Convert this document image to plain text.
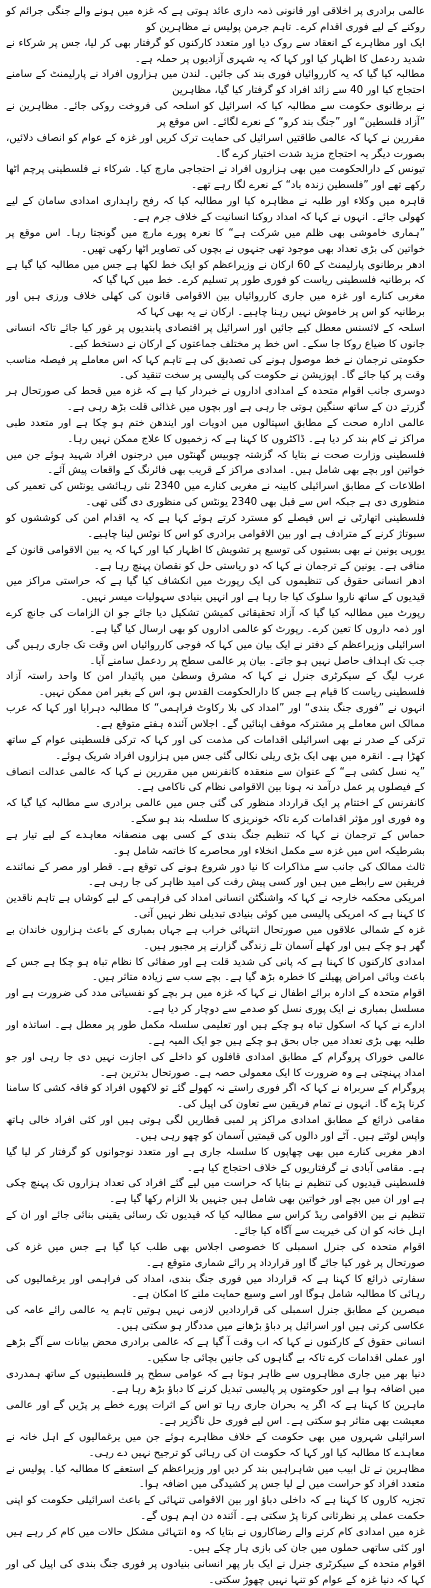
عالمی برادری پر اخلاقی اور قانونی ذمہ داری عائد ہوتی ہے کہ غزہ میں ہونے والے جنگی جرائم کو روکنے کے لیے فوری اقدام کرے۔ تاہم جرمن پولیس نے مظاہرین کو

ایک اور مظاہرے کے انعقاد سے روک دیا اور متعدد کارکنوں کو گرفتار بھی کر لیا، جس پر شرکاء نے شدید ردعمل کا اظہار کیا اور کہا کہ یہ شہری آزادیوں پر حملہ ہے۔

مطالبہ کیا گیا کہ یہ کارروائیاں فوری بند کی جائیں۔ لندن میں ہزاروں افراد نے پارلیمنٹ کے سامنے احتجاج کیا اور 40 سے زائد افراد کو گرفتار کیا گیا، مظاہرین

نے برطانوی حکومت سے مطالبہ کیا کہ اسرائیل کو اسلحہ کی فروخت روکی جائے۔ مظاہرین نے ”آزاد فلسطین“ اور ”جنگ بند کرو“ کے نعرے لگائے۔ اس موقع پر

مقررین نے کہا کہ عالمی طاقتیں اسرائیل کی حمایت ترک کریں اور غزہ کے عوام کو انصاف دلائیں، بصورت دیگر یہ احتجاج مزید شدت اختیار کرے گا۔

تیونس کے دارالحکومت میں بھی ہزاروں افراد نے احتجاجی مارچ کیا۔ شرکاء نے فلسطینی پرچم اٹھا رکھے تھے اور ”فلسطین زندہ باد“ کے نعرے لگا رہے تھے۔

قاہرہ میں وکلاء اور طلبہ نے مظاہرہ کیا اور مطالبہ کیا کہ رفح راہداری امدادی سامان کے لیے کھولی جائے۔ انہوں نے کہا کہ امداد روکنا انسانیت کے خلاف جرم ہے۔

”ہماری خاموشی بھی ظلم میں شرکت ہے“ کا نعرہ پورے مارچ میں گونجتا رہا۔ اس موقع پر خواتین کی بڑی تعداد بھی موجود تھی جنہوں نے بچوں کی تصاویر اٹھا رکھی تھیں۔

ادھر برطانوی پارلیمنٹ کے 60 ارکان نے وزیراعظم کو ایک خط لکھا ہے جس میں مطالبہ کیا گیا ہے کہ برطانیہ فلسطینی ریاست کو فوری طور پر تسلیم کرے۔ خط میں کہا گیا کہ

مغربی کنارے اور غزہ میں جاری کارروائیاں بین الاقوامی قانون کی کھلی خلاف ورزی ہیں اور برطانیہ کو اس پر خاموش نہیں رہنا چاہیے۔ ارکان نے یہ بھی کہا کہ

اسلحہ کے لائسنس معطل کیے جائیں اور اسرائیل پر اقتصادی پابندیوں پر غور کیا جائے تاکہ انسانی جانوں کا ضیاع روکا جا سکے۔ اس خط پر مختلف جماعتوں کے ارکان نے دستخط کیے۔

حکومتی ترجمان نے خط موصول ہونے کی تصدیق کی ہے تاہم کہا کہ اس معاملے پر فیصلہ مناسب وقت پر کیا جائے گا۔ اپوزیشن نے حکومت کی پالیسی پر سخت تنقید کی۔

دوسری جانب اقوام متحدہ کے امدادی اداروں نے خبردار کیا ہے کہ غزہ میں قحط کی صورتحال ہر گزرتے دن کے ساتھ سنگین ہوتی جا رہی ہے اور بچوں میں غذائی قلت بڑھ رہی ہے۔

عالمی ادارہ صحت کے مطابق اسپتالوں میں ادویات اور ایندھن ختم ہو چکا ہے اور متعدد طبی مراکز نے کام بند کر دیا ہے۔ ڈاکٹروں کا کہنا ہے کہ زخمیوں کا علاج ممکن نہیں رہا۔

فلسطینی وزارت صحت نے بتایا کہ گزشتہ چوبیس گھنٹوں میں درجنوں افراد شہید ہوئے جن میں خواتین اور بچے بھی شامل ہیں۔ امدادی مراکز کے قریب بھی فائرنگ کے واقعات پیش آئے۔

اطلاعات کے مطابق اسرائیلی کابینہ نے مغربی کنارے میں 2340 نئی رہائشی یونٹس کی تعمیر کی منظوری دی ہے جبکہ اس سے قبل بھی 2340 یونٹس کی منظوری دی گئی تھی۔

فلسطینی اتھارٹی نے اس فیصلے کو مسترد کرتے ہوئے کہا ہے کہ یہ اقدام امن کی کوششوں کو سبوتاژ کرنے کے مترادف ہے اور بین الاقوامی برادری کو اس کا نوٹس لینا چاہیے۔

یورپی یونین نے بھی بستیوں کی توسیع پر تشویش کا اظہار کیا اور کہا کہ یہ بین الاقوامی قانون کے منافی ہے۔ یونین کے ترجمان نے کہا کہ دو ریاستی حل کو نقصان پہنچ رہا ہے۔

ادھر انسانی حقوق کی تنظیموں کی ایک رپورٹ میں انکشاف کیا گیا ہے کہ حراستی مراکز میں قیدیوں کے ساتھ ناروا سلوک کیا جا رہا ہے اور انہیں بنیادی سہولیات میسر نہیں۔

رپورٹ میں مطالبہ کیا گیا کہ آزاد تحقیقاتی کمیشن تشکیل دیا جائے جو ان الزامات کی جانچ کرے اور ذمہ داروں کا تعین کرے۔ رپورٹ کو عالمی اداروں کو بھی ارسال کیا گیا ہے۔

اسرائیلی وزیراعظم کے دفتر نے ایک بیان میں کہا کہ فوجی کارروائیاں اس وقت تک جاری رہیں گی جب تک اہداف حاصل نہیں ہو جاتے۔ بیان پر عالمی سطح پر ردعمل سامنے آیا۔

عرب لیگ کے سیکرٹری جنرل نے کہا کہ مشرق وسطیٰ میں پائیدار امن کا واحد راستہ آزاد فلسطینی ریاست کا قیام ہے جس کا دارالحکومت القدس ہو، اس کے بغیر امن ممکن نہیں۔

انہوں نے ”فوری جنگ بندی“ اور ”امداد کی بلا رکاوٹ فراہمی“ کا مطالبہ دہرایا اور کہا کہ عرب ممالک اس معاملے پر مشترکہ موقف اپنائیں گے۔ اجلاس آئندہ ہفتے متوقع ہے۔

ترکی کے صدر نے بھی اسرائیلی اقدامات کی مذمت کی اور کہا کہ ترکی فلسطینی عوام کے ساتھ کھڑا ہے۔ انقرہ میں بھی ایک بڑی ریلی نکالی گئی جس میں ہزاروں افراد شریک ہوئے۔

”یہ نسل کشی ہے“ کے عنوان سے منعقدہ کانفرنس میں مقررین نے کہا کہ عالمی عدالت انصاف کے فیصلوں پر عمل درآمد نہ ہونا بین الاقوامی نظام کی ناکامی ہے۔

کانفرنس کے اختتام پر ایک قرارداد منظور کی گئی جس میں عالمی برادری سے مطالبہ کیا گیا کہ وہ فوری اور مؤثر اقدامات کرے تاکہ خونریزی کا سلسلہ بند ہو سکے۔

حماس کے ترجمان نے کہا کہ تنظیم جنگ بندی کے کسی بھی منصفانہ معاہدے کے لیے تیار ہے بشرطیکہ اس میں غزہ سے مکمل انخلاء اور محاصرے کا خاتمہ شامل ہو۔

ثالث ممالک کی جانب سے مذاکرات کا نیا دور شروع ہونے کی توقع ہے۔ قطر اور مصر کے نمائندے فریقین سے رابطے میں ہیں اور کسی پیش رفت کی امید ظاہر کی جا رہی ہے۔

امریکی محکمہ خارجہ نے کہا کہ واشنگٹن انسانی امداد کی فراہمی کے لیے کوشاں ہے تاہم ناقدین کا کہنا ہے کہ امریکی پالیسی میں کوئی بنیادی تبدیلی نظر نہیں آتی۔

غزہ کے شمالی علاقوں میں صورتحال انتہائی خراب ہے جہاں بمباری کے باعث ہزاروں خاندان بے گھر ہو چکے ہیں اور کھلے آسمان تلے زندگی گزارنے پر مجبور ہیں۔

امدادی کارکنوں کا کہنا ہے کہ پانی کی شدید قلت ہے اور صفائی کا نظام تباہ ہو چکا ہے جس کے باعث وبائی امراض پھیلنے کا خطرہ بڑھ گیا ہے۔ بچے سب سے زیادہ متاثر ہیں۔

اقوام متحدہ کے ادارہ برائے اطفال نے کہا کہ غزہ میں ہر بچے کو نفسیاتی مدد کی ضرورت ہے اور مسلسل بمباری نے ایک پوری نسل کو صدمے سے دوچار کر دیا ہے۔

ادارے نے کہا کہ اسکول تباہ ہو چکے ہیں اور تعلیمی سلسلہ مکمل طور پر معطل ہے۔ اساتذہ اور طلبہ بھی بڑی تعداد میں جاں بحق ہو چکے ہیں جو ایک المیہ ہے۔

عالمی خوراک پروگرام کے مطابق امدادی قافلوں کو داخلے کی اجازت نہیں دی جا رہی اور جو امداد پہنچتی ہے وہ ضرورت کا ایک معمولی حصہ ہے۔ صورتحال بدترین ہے۔

پروگرام کے سربراہ نے کہا کہ اگر فوری راستے نہ کھولے گئے تو لاکھوں افراد کو فاقہ کشی کا سامنا کرنا پڑے گا۔ انہوں نے تمام فریقین سے تعاون کی اپیل کی۔

مقامی ذرائع کے مطابق امدادی مراکز پر لمبی قطاریں لگی ہوتی ہیں اور کئی افراد خالی ہاتھ واپس لوٹتے ہیں۔ آٹے اور دالوں کی قیمتیں آسمان کو چھو رہی ہیں۔

ادھر مغربی کنارے میں بھی چھاپوں کا سلسلہ جاری ہے اور متعدد نوجوانوں کو گرفتار کر لیا گیا ہے۔ مقامی آبادی نے گرفتاریوں کے خلاف احتجاج کیا ہے۔

فلسطینی قیدیوں کی تنظیم نے بتایا کہ حراست میں لیے گئے افراد کی تعداد ہزاروں تک پہنچ چکی ہے اور ان میں بچے اور خواتین بھی شامل ہیں جنہیں بلا الزام رکھا گیا ہے۔

تنظیم نے بین الاقوامی ریڈ کراس سے مطالبہ کیا کہ قیدیوں تک رسائی یقینی بنائی جائے اور ان کے اہل خانہ کو ان کی خیریت سے آگاہ کیا جائے۔

اقوام متحدہ کی جنرل اسمبلی کا خصوصی اجلاس بھی طلب کیا گیا ہے جس میں غزہ کی صورتحال پر غور کیا جائے گا اور قرارداد پر رائے شماری متوقع ہے۔

سفارتی ذرائع کا کہنا ہے کہ قرارداد میں فوری جنگ بندی، امداد کی فراہمی اور یرغمالیوں کی رہائی کا مطالبہ شامل ہوگا اور اسے وسیع حمایت ملنے کا امکان ہے۔

مبصرین کے مطابق جنرل اسمبلی کی قراردادیں لازمی نہیں ہوتیں تاہم یہ عالمی رائے عامہ کی عکاسی کرتی ہیں اور اسرائیل پر دباؤ بڑھانے میں مددگار ہو سکتی ہیں۔

انسانی حقوق کے کارکنوں نے کہا کہ اب وقت آ گیا ہے کہ عالمی برادری محض بیانات سے آگے بڑھے اور عملی اقدامات کرے تاکہ بے گناہوں کی جانیں بچائی جا سکیں۔

دنیا بھر میں جاری مظاہروں سے ظاہر ہوتا ہے کہ عوامی سطح پر فلسطینیوں کے ساتھ ہمدردی میں اضافہ ہوا ہے اور حکومتوں پر پالیسی تبدیل کرنے کا دباؤ بڑھ رہا ہے۔

ماہرین کا کہنا ہے کہ اگر یہ بحران جاری رہا تو اس کے اثرات پورے خطے پر پڑیں گے اور عالمی معیشت بھی متاثر ہو سکتی ہے۔ اس لیے فوری حل ناگزیر ہے۔

اسرائیلی شہروں میں بھی حکومت کے خلاف مظاہرے ہوئے جن میں یرغمالیوں کے اہل خانہ نے معاہدے کا مطالبہ کیا اور کہا کہ حکومت ان کی رہائی کو ترجیح نہیں دے رہی۔

مظاہرین نے تل ابیب میں شاہراہیں بند کر دیں اور وزیراعظم کے استعفے کا مطالبہ کیا۔ پولیس نے متعدد افراد کو حراست میں لے لیا جس پر کشیدگی میں اضافہ ہوا۔

تجزیہ کاروں کا کہنا ہے کہ داخلی دباؤ اور بین الاقوامی تنہائی کے باعث اسرائیلی حکومت کو اپنی حکمت عملی پر نظرثانی کرنا پڑ سکتی ہے۔ آئندہ دن اہم ہوں گے۔

غزہ میں امدادی کام کرنے والے رضاکاروں نے بتایا کہ وہ انتہائی مشکل حالات میں کام کر رہے ہیں اور کئی ساتھی حملوں میں جان کی بازی ہار چکے ہیں۔

اقوام متحدہ کے سیکرٹری جنرل نے ایک بار پھر انسانی بنیادوں پر فوری جنگ بندی کی اپیل کی اور کہا کہ دنیا غزہ کے عوام کو تنہا نہیں چھوڑ سکتی۔
